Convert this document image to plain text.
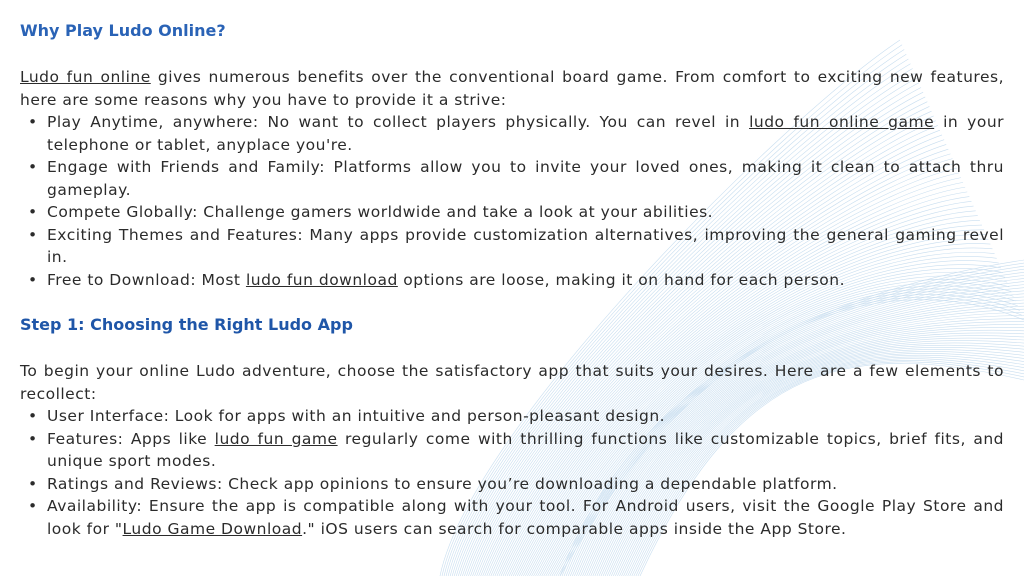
Why Play Ludo Online?

Ludo fun online gives numerous benefits over the conventional board game. From comfort to exciting new features, here are some reasons why you have to provide it a strive:

• Play Anytime, anywhere: No want to collect players physically. You can revel in ludo fun online game in your telephone or tablet, anyplace you're.
• Engage with Friends and Family: Platforms allow you to invite your loved ones, making it clean to attach thru gameplay.
• Compete Globally: Challenge gamers worldwide and take a look at your abilities.
• Exciting Themes and Features: Many apps provide customization alternatives, improving the general gaming revel in.
• Free to Download: Most ludo fun download options are loose, making it on hand for each person.
Step 1: Choosing the Right Ludo App

To begin your online Ludo adventure, choose the satisfactory app that suits your desires. Here are a few elements to recollect:

• User Interface: Look for apps with an intuitive and person-pleasant design.
• Features: Apps like ludo fun game regularly come with thrilling functions like customizable topics, brief fits, and unique sport modes.
• Ratings and Reviews: Check app opinions to ensure you’re downloading a dependable platform.
• Availability: Ensure the app is compatible along with your tool. For Android users, visit the Google Play Store and look for "Ludo Game Download." iOS users can search for comparable apps inside the App Store.
